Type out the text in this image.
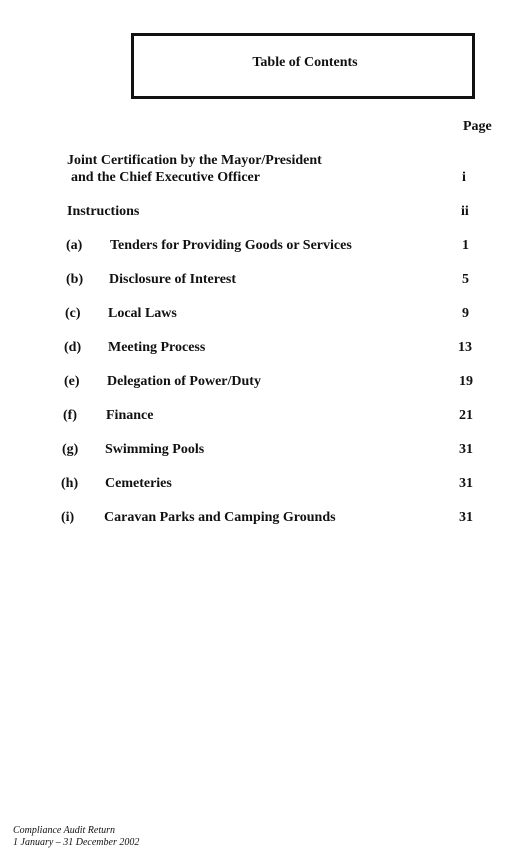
Table of Contents
Page
Joint Certification by the Mayor/President
and the Chief Executive Officer	i
Instructions	ii
(a) Tenders for Providing Goods or Services	1
(b) Disclosure of Interest	5
(c) Local Laws	9
(d) Meeting Process	13
(e) Delegation of Power/Duty	19
(f) Finance	21
(g) Swimming Pools	31
(h) Cemeteries	31
(i) Caravan Parks and Camping Grounds	31
Compliance Audit Return
1 January – 31 December 2002
